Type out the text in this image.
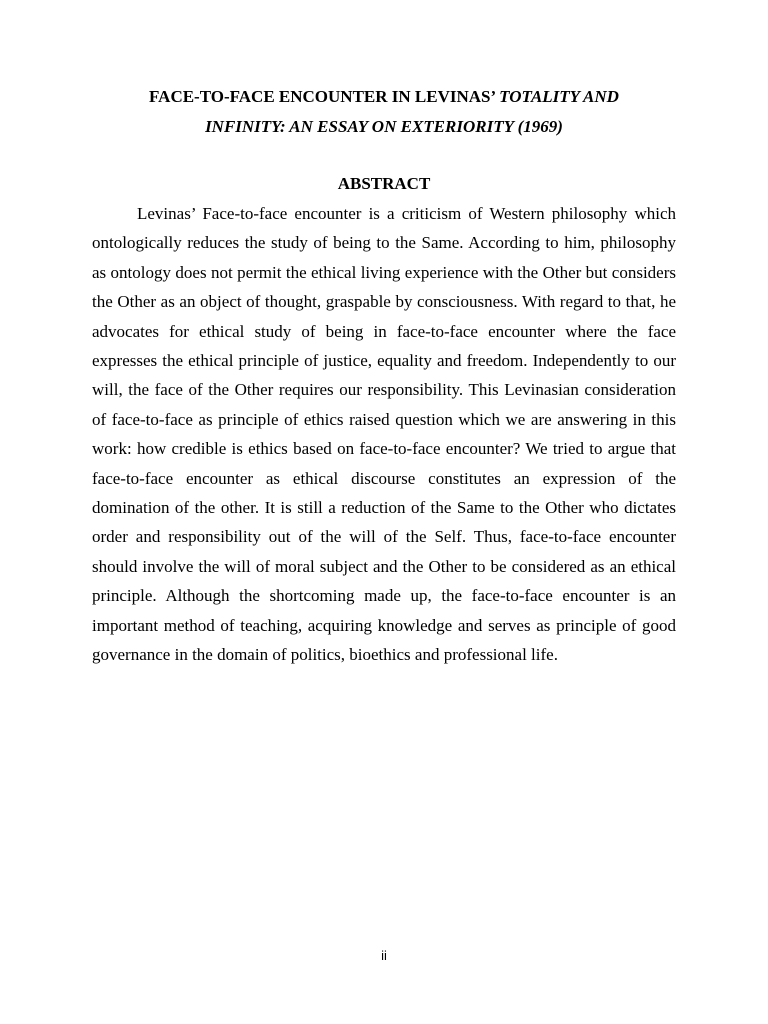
FACE-TO-FACE ENCOUNTER IN LEVINAS’ TOTALITY AND
INFINITY: AN ESSAY ON EXTERIORITY (1969)
ABSTRACT

Levinas’ Face-to-face encounter is a criticism of Western philosophy which ontologically reduces the study of being to the Same. According to him, philosophy as ontology does not permit the ethical living experience with the Other but considers the Other as an object of thought, graspable by consciousness. With regard to that, he advocates for ethical study of being in face-to-face encounter where the face expresses the ethical principle of justice, equality and freedom. Independently to our will, the face of the Other requires our responsibility. This Levinasian consideration of face-to-face as principle of ethics raised question which we are answering in this work: how credible is ethics based on face-to-face encounter? We tried to argue that face-to-face encounter as ethical discourse constitutes an expression of the domination of the other. It is still a reduction of the Same to the Other who dictates order and responsibility out of the will of the Self. Thus, face-to-face encounter should involve the will of moral subject and the Other to be considered as an ethical principle. Although the shortcoming made up, the face-to-face encounter is an important method of teaching, acquiring knowledge and serves as principle of good governance in the domain of politics, bioethics and professional life.

ii
